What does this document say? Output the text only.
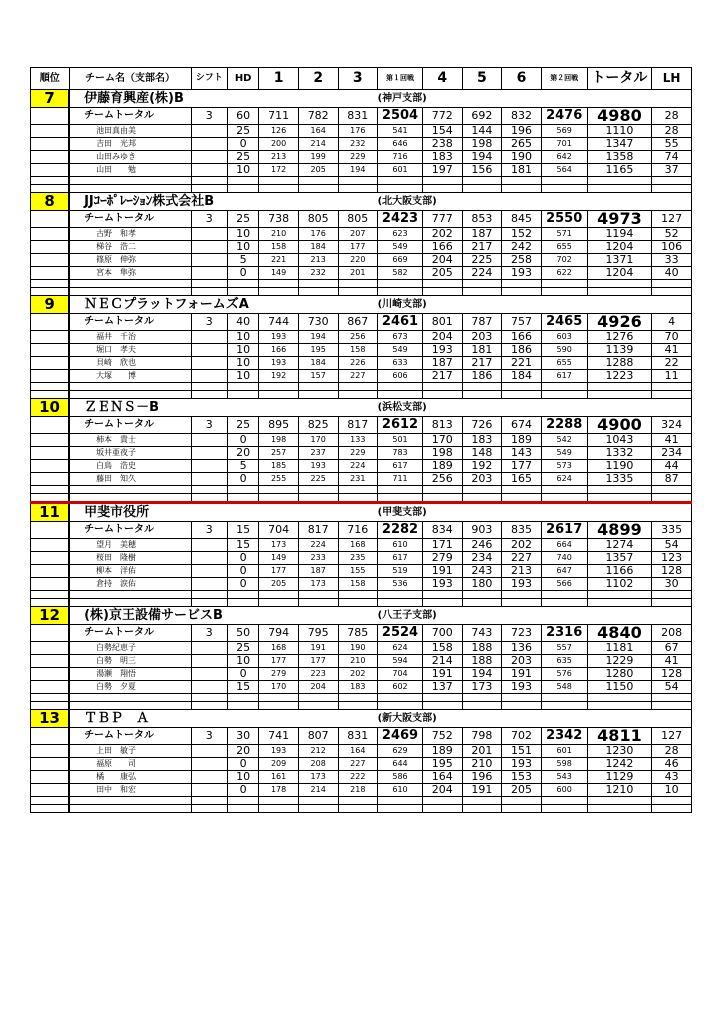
順位	チーム名（支部名）	シフト	HD	1	2	3	第１回戦	4	5	6	第２回戦	トータル	LH
7	伊藤育興産(株)B						(神戸支部)						
	チームトータル	3	60	711	782	831	2504	772	692	832	2476	4980	28
	池田真由美		25	126	164	176	541	154	144	196	569	1110	28
	吉田　光邦		0	200	214	232	646	238	198	265	701	1347	55
	山田みゆき		25	213	199	229	716	183	194	190	642	1358	74
	山田　　勉		10	172	205	194	601	197	156	181	564	1165	37

8	JJｺｰﾎﾟﾚｰｼｮﾝ株式会社B						(北大阪支部)						
	チームトータル	3	25	738	805	805	2423	777	853	845	2550	4973	127
	古野　和孝		10	210	176	207	623	202	187	152	571	1194	52
	梯谷　浩二		10	158	184	177	549	166	217	242	655	1204	106
	篠原　伸弥		5	221	213	220	669	204	225	258	702	1371	33
	宮本　隼弥		0	149	232	201	582	205	224	193	622	1204	40

9	ＮＥＣプラットフォームズA						(川崎支部)						
	チームトータル	3	40	744	730	867	2461	801	787	757	2465	4926	4
	福井　千治		10	193	194	256	673	204	203	166	603	1276	70
	堀口　孝夫		10	166	195	158	549	193	181	186	590	1139	41
	貝崎　欣也		10	193	184	226	633	187	217	221	655	1288	22
	大塚　　博		10	192	157	227	606	217	186	184	617	1223	11

10	ＺＥＮＳ－B						(浜松支部)						
	チームトータル	3	25	895	825	817	2612	813	726	674	2288	4900	324
	柿本　貴士		0	198	170	133	501	170	183	189	542	1043	41
	坂井亜夜子		20	257	237	229	783	198	148	143	549	1332	234
	白鳥　浩史		5	185	193	224	617	189	192	177	573	1190	44
	藤田　知久		0	255	225	231	711	256	203	165	624	1335	87

11	甲斐市役所						(甲斐支部)						
	チームトータル	3	15	704	817	716	2282	834	903	835	2617	4899	335
	望月　美穂		15	173	224	168	610	171	246	202	664	1274	54
	桜田　隆樹		0	149	233	235	617	279	234	227	740	1357	123
	柳本　洋佑		0	177	187	155	519	191	243	213	647	1166	128
	倉持　涙佑		0	205	173	158	536	193	180	193	566	1102	30

12	(株)京王設備サービスB						(八王子支部)						
	チームトータル	3	50	794	795	785	2524	700	743	723	2316	4840	208
	白勢紀恵子		25	168	191	190	624	158	188	136	557	1181	67
	白勢　明三		10	177	177	210	594	214	188	203	635	1229	41
	湯瀬　翔悟		0	279	223	202	704	191	194	191	576	1280	128
	白勢　夕夏		15	170	204	183	602	137	173	193	548	1150	54

13	ＴＢＰ　Ａ						(新大阪支部)						
	チームトータル	3	30	741	807	831	2469	752	798	702	2342	4811	127
	上田　敏子		20	193	212	164	629	189	201	151	601	1230	28
	福原　　司		0	209	208	227	644	195	210	193	598	1242	46
	橘　　康弘		10	161	173	222	586	164	196	153	543	1129	43
	田中　和宏		0	178	214	218	610	204	191	205	600	1210	10
